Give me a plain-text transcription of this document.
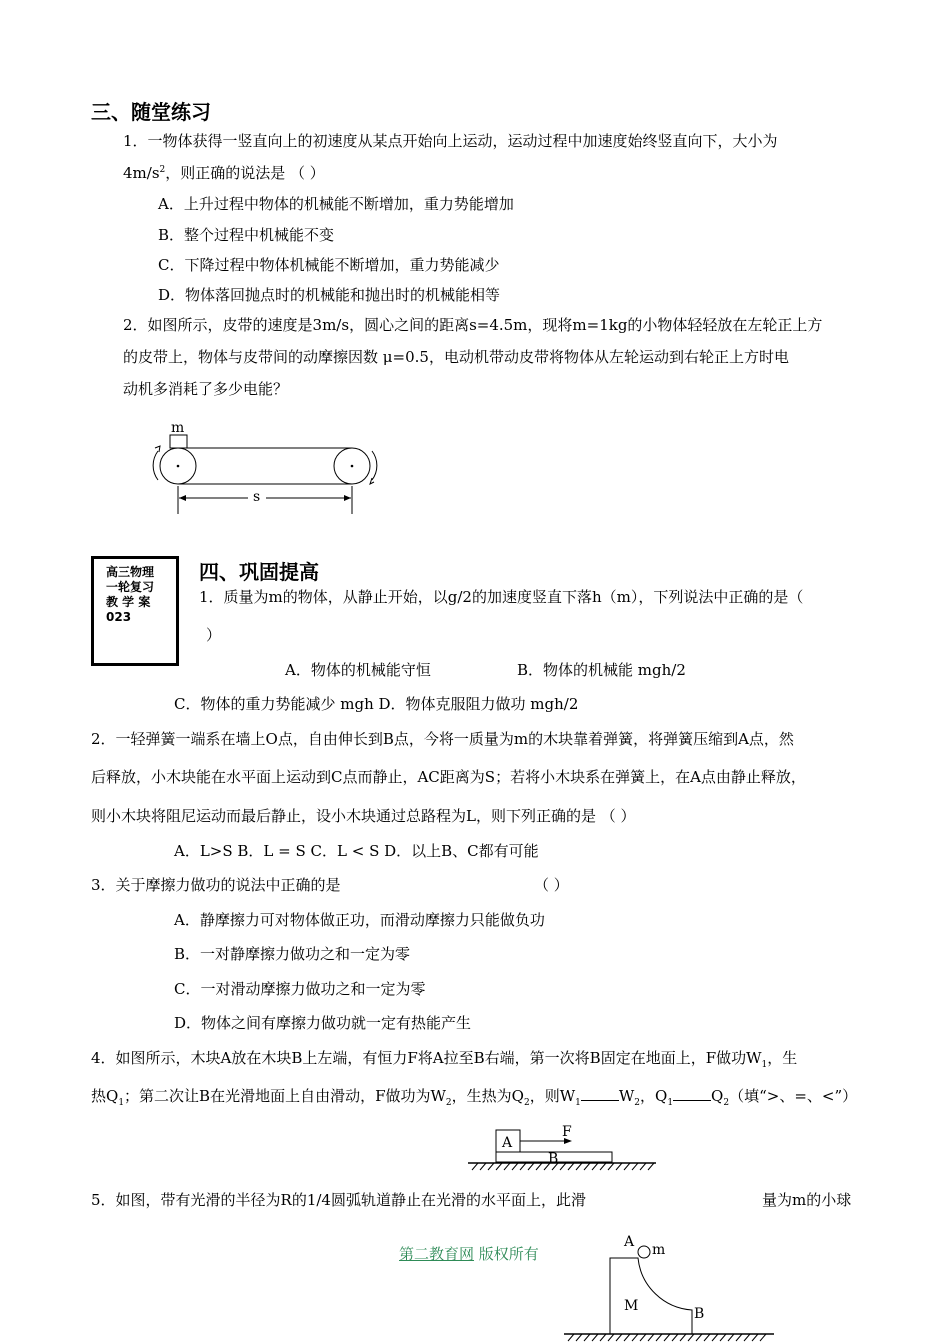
三、随堂练习
1．一物体获得一竖直向上的初速度从某点开始向上运动，运动过程中加速度始终竖直向下，大小为
$4m/s^2$，则正确的说法是 （ ）
A．上升过程中物体的机械能不断增加，重力势能增加
B．整个过程中机械能不变
C．下降过程中物体机械能不断增加，重力势能减少
D．物体落回抛点时的机械能和抛出时的机械能相等
2．如图所示，皮带的速度是3m/s，圆心之间的距离s=4.5m，现将m=1kg的小物体轻轻放在左轮正上方
的皮带上，物体与皮带间的动摩擦因数 μ=0.5，电动机带动皮带将物体从左轮运动到右轮正上方时电
动机多消耗了多少电能？
m
s
高三物理
一轮复习
教 学 案
023
四、巩固提高
1．质量为m的物体，从静止开始，以g/2的加速度竖直下落h（m），下列说法中正确的是（
）
A．物体的机械能守恒	B．物体的机械能 mgh/2
C．物体的重力势能减少 mgh D．物体克服阻力做功 mgh/2
2．一轻弹簧一端系在墙上O点，自由伸长到B点，今将一质量为m的木块靠着弹簧，将弹簧压缩到A点，然
后释放，小木块能在水平面上运动到C点而静止，AC距离为S；若将小木块系在弹簧上，在A点由静止释放，
则小木块将阻尼运动而最后静止，设小木块通过总路程为L，则下列正确的是 （ ）
A．L>S B．L = S C．L < S D．以上B、C都有可能
3．关于摩擦力做功的说法中正确的是	（ ）
A．静摩擦力可对物体做正功，而滑动摩擦力只能做负功
B．一对静摩擦力做功之和一定为零
C．一对滑动摩擦力做功之和一定为零
D．物体之间有摩擦力做功就一定有热能产生
4．如图所示，木块A放在木块B上左端，有恒力F将A拉至B右端，第一次将B固定在地面上，F做功$W_1$，生
热$Q_1$；第二次让B在光滑地面上自由滑动，F做功为$W_2$，生热为$Q_2$，则$W_1$	$W_2$，$Q_1$	$Q_2$（填“>、=、<”）
A
F
B
5．如图，带有光滑的半径为R的1/4圆弧轨道静止在光滑的水平面上，此滑	量为m的小球
第二教育网 版权所有
A m
M	B
